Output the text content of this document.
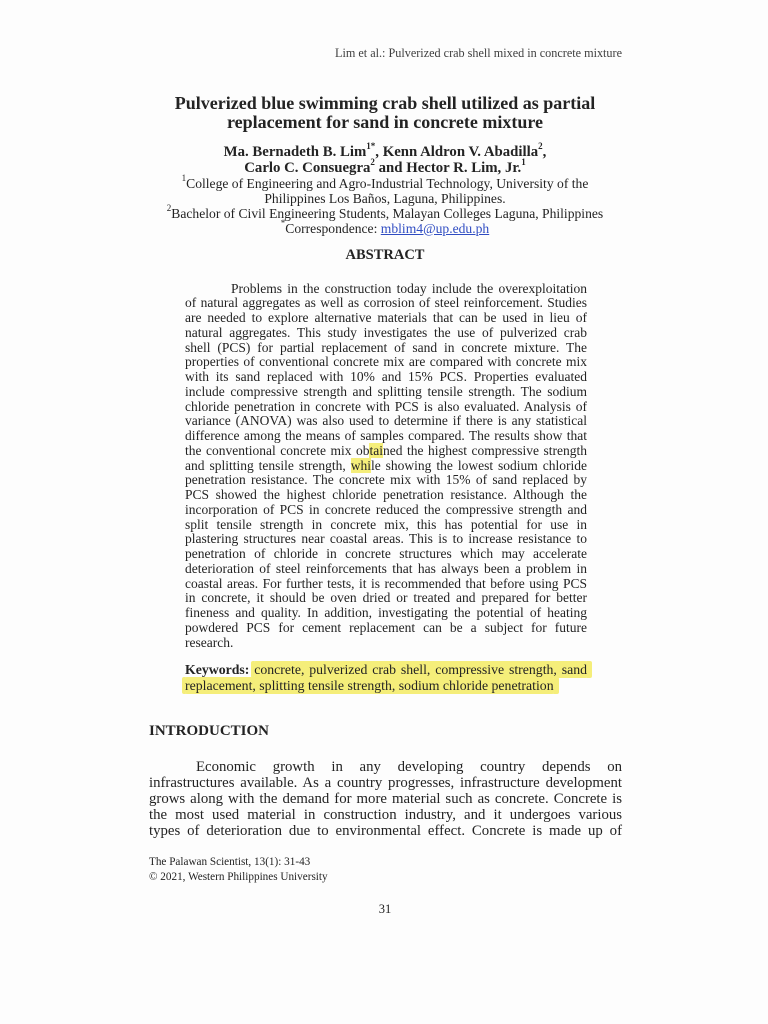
Lim et al.: Pulverized crab shell mixed in concrete mixture
Pulverized blue swimming crab shell utilized as partial
replacement for sand in concrete mixture
Ma. Bernadeth B. Lim$^{1*}$, Kenn Aldron V. Abadilla$^2$,
Carlo C. Consuegra$^2$ and Hector R. Lim, Jr.$^1$
$^1$College of Engineering and Agro-Industrial Technology, University of the
Philippines Los Baños, Laguna, Philippines.
$^2$Bachelor of Civil Engineering Students, Malayan Colleges Laguna, Philippines
*Correspondence: mblim4@up.edu.ph
ABSTRACT
Problems in the construction today include the overexploitation
of natural aggregates as well as corrosion of steel reinforcement. Studies
are needed to explore alternative materials that can be used in lieu of
natural aggregates. This study investigates the use of pulverized crab
shell (PCS) for partial replacement of sand in concrete mixture. The
properties of conventional concrete mix are compared with concrete mix
with its sand replaced with 10% and 15% PCS. Properties evaluated
include compressive strength and splitting tensile strength. The sodium
chloride penetration in concrete with PCS is also evaluated. Analysis of
variance (ANOVA) was also used to determine if there is any statistical
difference among the means of samples compared. The results show that
the conventional concrete mix obtained the highest compressive strength
and splitting tensile strength, while showing the lowest sodium chloride
penetration resistance. The concrete mix with 15% of sand replaced by
PCS showed the highest chloride penetration resistance. Although the
incorporation of PCS in concrete reduced the compressive strength and
split tensile strength in concrete mix, this has potential for use in
plastering structures near coastal areas. This is to increase resistance to
penetration of chloride in concrete structures which may accelerate
deterioration of steel reinforcements that has always been a problem in
coastal areas. For further tests, it is recommended that before using PCS
in concrete, it should be oven dried or treated and prepared for better
fineness and quality. In addition, investigating the potential of heating
powdered PCS for cement replacement can be a subject for future
research.
Keywords: concrete, pulverized crab shell, compressive strength, sand
replacement, splitting tensile strength, sodium chloride penetration
INTRODUCTION
Economic growth in any developing country depends on
infrastructures available. As a country progresses, infrastructure development
grows along with the demand for more material such as concrete. Concrete is
the most used material in construction industry, and it undergoes various
types of deterioration due to environmental effect. Concrete is made up of
The Palawan Scientist, 13(1): 31-43
© 2021, Western Philippines University
31
